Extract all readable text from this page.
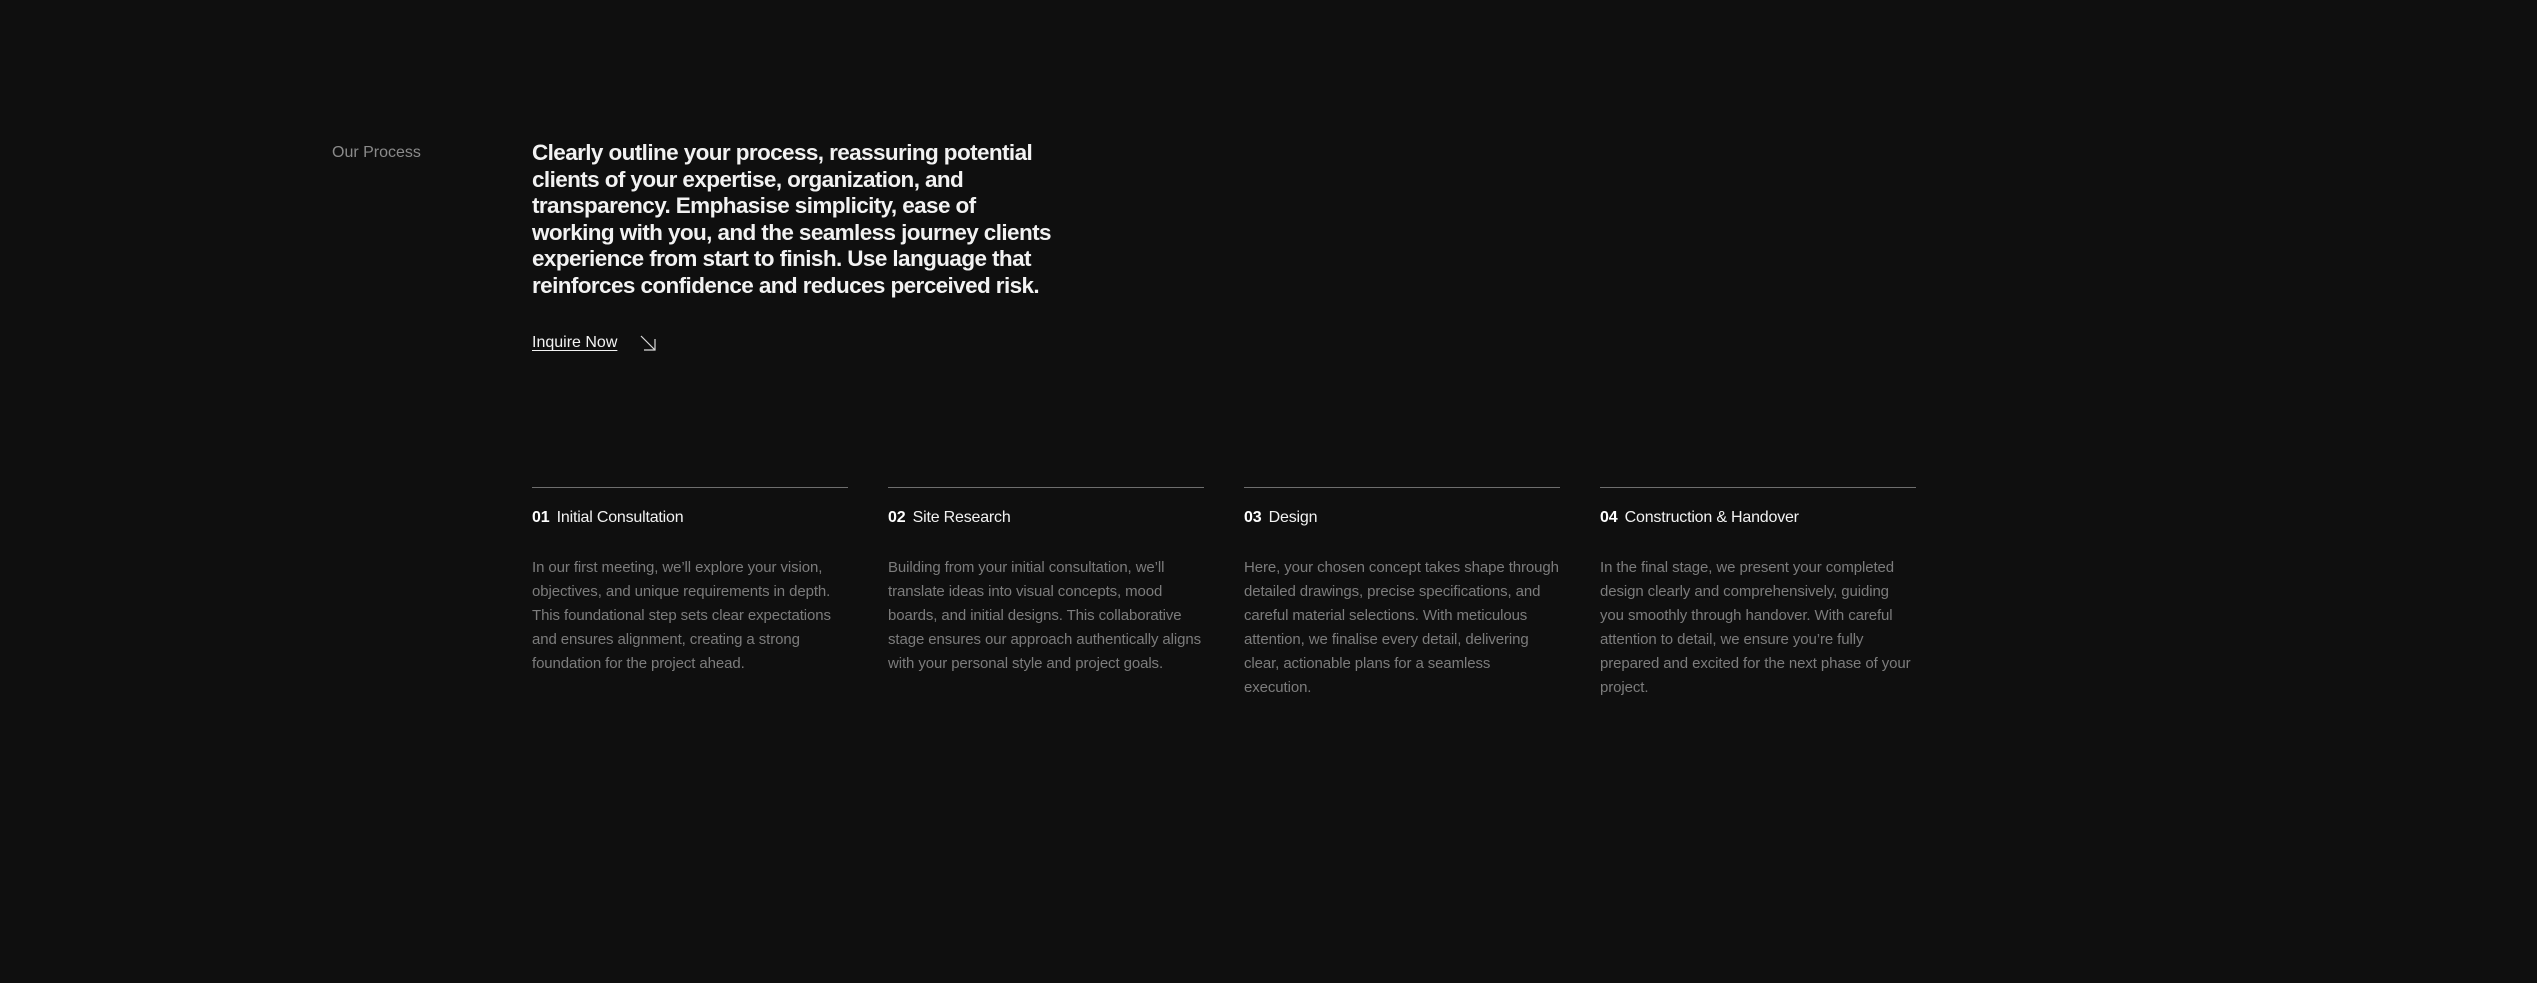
Our Process	Clearly outline your process, reassuring potential clients of your expertise, organization, and transparency. Emphasise simplicity, ease of working with you, and the seamless journey clients experience from start to finish. Use language that reinforces confidence and reduces perceived risk.
Inquire Now

01 Initial Consultation

In our first meeting, we’ll explore your vision, objectives, and unique requirements in depth. This foundational step sets clear expectations and ensures alignment, creating a strong foundation for the project ahead.

02 Site Research

Building from your initial consultation, we’ll translate ideas into visual concepts, mood boards, and initial designs. This collaborative stage ensures our approach authentically aligns with your personal style and project goals.

03 Design

Here, your chosen concept takes shape through detailed drawings, precise specifications, and careful material selections. With meticulous attention, we finalise every detail, delivering clear, actionable plans for a seamless execution.

04 Construction & Handover

In the final stage, we present your completed design clearly and comprehensively, guiding you smoothly through handover. With careful attention to detail, we ensure you’re fully prepared and excited for the next phase of your project.
